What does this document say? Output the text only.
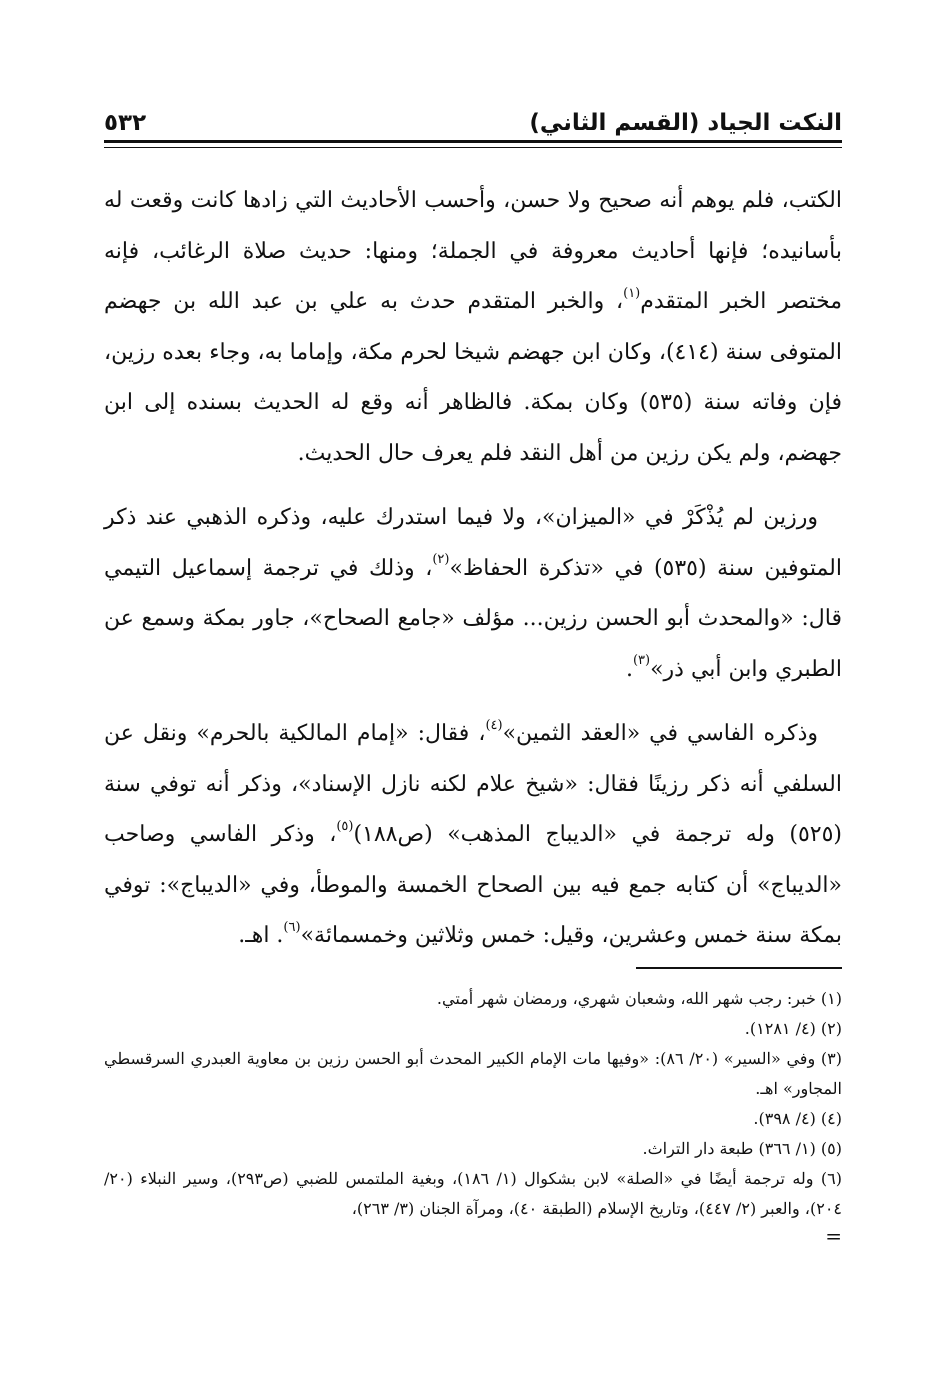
النكت الجياد (القسم الثاني)
٥٣٢

الكتب، فلم يوهم أنه صحيح ولا حسن، وأحسب الأحاديث التي زادها كانت وقعت له بأسانيده؛ فإنها أحاديث معروفة في الجملة؛ ومنها: حديث صلاة الرغائب، فإنه مختصر الخبر المتقدم$^{(١)}$، والخبر المتقدم حدث به علي بن عبد الله بن جهضم المتوفى سنة (٤١٤)، وكان ابن جهضم شيخا لحرم مكة، وإماما به، وجاء بعده رزين، فإن وفاته سنة (٥٣٥) وكان بمكة. فالظاهر أنه وقع له الحديث بسنده إلى ابن جهضم، ولم يكن رزين من أهل النقد فلم يعرف حال الحديث.

ورزين لم يُذْكَرْ في «الميزان»، ولا فيما استدرك عليه، وذكره الذهبي عند ذكر المتوفين سنة (٥٣٥) في «تذكرة الحفاظ»$^{(٢)}$، وذلك في ترجمة إسماعيل التيمي قال: «والمحدث أبو الحسن رزين... مؤلف «جامع الصحاح»، جاور بمكة وسمع عن الطبري وابن أبي ذر»$^{(٣)}$.

وذكره الفاسي في «العقد الثمين»$^{(٤)}$، فقال: «إمام المالكية بالحرم» ونقل عن السلفي أنه ذكر رزينًا فقال: «شيخ علام لكنه نازل الإسناد»، وذكر أنه توفي سنة (٥٢٥) وله ترجمة في «الديباج المذهب» (ص١٨٨)$^{(٥)}$، وذكر الفاسي وصاحب «الديباج» أن كتابه جمع فيه بين الصحاح الخمسة والموطأ، وفي «الديباج»: توفي بمكة سنة خمس وعشرين، وقيل: خمس وثلاثين وخمسمائة»$^{(٦)}$. اهـ.

(١) خبر: رجب شهر الله، وشعبان شهري، ورمضان شهر أمتي.

(٢) (٤/ ١٢٨١).

(٣) وفي «السير» (٢٠/ ٨٦): «وفيها مات الإمام الكبير المحدث أبو الحسن رزين بن معاوية العبدري السرقسطي المجاور» اهـ.

(٤) (٤/ ٣٩٨).

(٥) (١/ ٣٦٦) طبعة دار التراث.

(٦) وله ترجمة أيضًا في «الصلة» لابن بشكوال (١/ ١٨٦)، وبغية الملتمس للضبي (ص٢٩٣)، وسير النبلاء (٢٠/ ٢٠٤)، والعبر (٢/ ٤٤٧)، وتاريخ الإسلام (الطبقة ٤٠)، ومرآة الجنان (٣/ ٢٦٣)،

=
